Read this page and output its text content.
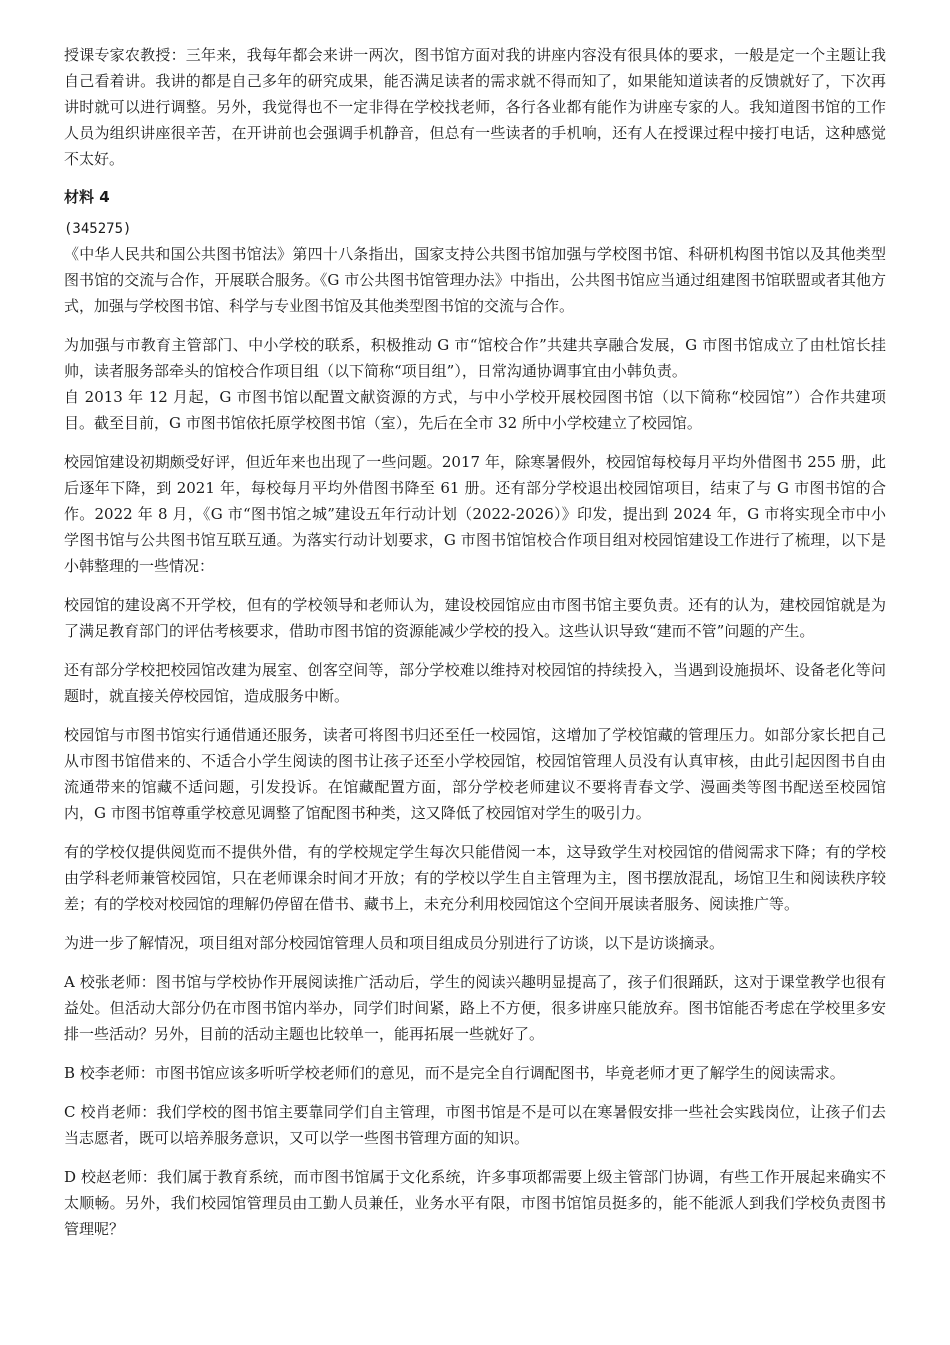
授课专家农教授：三年来，我每年都会来讲一两次，图书馆方面对我的讲座内容没有很具体的要求，一般是定一个主题让我自己看着讲。我讲的都是自己多年的研究成果，能否满足读者的需求就不得而知了，如果能知道读者的反馈就好了，下次再讲时就可以进行调整。另外，我觉得也不一定非得在学校找老师，各行各业都有能作为讲座专家的人。我知道图书馆的工作人员为组织讲座很辛苦，在开讲前也会强调手机静音，但总有一些读者的手机响，还有人在授课过程中接打电话，这种感觉不太好。

材料 4
(345275)

《中华人民共和国公共图书馆法》第四十八条指出，国家支持公共图书馆加强与学校图书馆、科研机构图书馆以及其他类型图书馆的交流与合作，开展联合服务。《G 市公共图书馆管理办法》中指出，公共图书馆应当通过组建图书馆联盟或者其他方式，加强与学校图书馆、科学与专业图书馆及其他类型图书馆的交流与合作。

为加强与市教育主管部门、中小学校的联系，积极推动 G 市“馆校合作”共建共享融合发展，G 市图书馆成立了由杜馆长挂帅，读者服务部牵头的馆校合作项目组（以下简称“项目组”），日常沟通协调事宜由小韩负责。

自 2013 年 12 月起，G 市图书馆以配置文献资源的方式，与中小学校开展校园图书馆（以下简称“校园馆”）合作共建项目。截至目前，G 市图书馆依托原学校图书馆（室），先后在全市 32 所中小学校建立了校园馆。

校园馆建设初期颇受好评，但近年来也出现了一些问题。2017 年，除寒暑假外，校园馆每校每月平均外借图书 255 册，此后逐年下降，到 2021 年，每校每月平均外借图书降至 61 册。还有部分学校退出校园馆项目，结束了与 G 市图书馆的合作。2022 年 8 月，《G 市“图书馆之城”建设五年行动计划（2022-2026）》印发，提出到 2024 年，G 市将实现全市中小学图书馆与公共图书馆互联互通。为落实行动计划要求，G 市图书馆馆校合作项目组对校园馆建设工作进行了梳理，以下是小韩整理的一些情况：

校园馆的建设离不开学校，但有的学校领导和老师认为，建设校园馆应由市图书馆主要负责。还有的认为，建校园馆就是为了满足教育部门的评估考核要求，借助市图书馆的资源能减少学校的投入。这些认识导致“建而不管”问题的产生。

还有部分学校把校园馆改建为展室、创客空间等，部分学校难以维持对校园馆的持续投入，当遇到设施损坏、设备老化等问题时，就直接关停校园馆，造成服务中断。

校园馆与市图书馆实行通借通还服务，读者可将图书归还至任一校园馆，这增加了学校馆藏的管理压力。如部分家长把自己从市图书馆借来的、不适合小学生阅读的图书让孩子还至小学校园馆，校园馆管理人员没有认真审核，由此引起因图书自由流通带来的馆藏不适问题，引发投诉。在馆藏配置方面，部分学校老师建议不要将青春文学、漫画类等图书配送至校园馆内，G 市图书馆尊重学校意见调整了馆配图书种类，这又降低了校园馆对学生的吸引力。

有的学校仅提供阅览而不提供外借，有的学校规定学生每次只能借阅一本，这导致学生对校园馆的借阅需求下降；有的学校由学科老师兼管校园馆，只在老师课余时间才开放；有的学校以学生自主管理为主，图书摆放混乱，场馆卫生和阅读秩序较差；有的学校对校园馆的理解仍停留在借书、藏书上，未充分利用校园馆这个空间开展读者服务、阅读推广等。

为进一步了解情况，项目组对部分校园馆管理人员和项目组成员分别进行了访谈，以下是访谈摘录。

A 校张老师：图书馆与学校协作开展阅读推广活动后，学生的阅读兴趣明显提高了，孩子们很踊跃，这对于课堂教学也很有益处。但活动大部分仍在市图书馆内举办，同学们时间紧，路上不方便，很多讲座只能放弃。图书馆能否考虑在学校里多安排一些活动？另外，目前的活动主题也比较单一，能再拓展一些就好了。

B 校李老师：市图书馆应该多听听学校老师们的意见，而不是完全自行调配图书，毕竟老师才更了解学生的阅读需求。

C 校肖老师：我们学校的图书馆主要靠同学们自主管理，市图书馆是不是可以在寒暑假安排一些社会实践岗位，让孩子们去当志愿者，既可以培养服务意识，又可以学一些图书管理方面的知识。

D 校赵老师：我们属于教育系统，而市图书馆属于文化系统，许多事项都需要上级主管部门协调，有些工作开展起来确实不太顺畅。另外，我们校园馆管理员由工勤人员兼任，业务水平有限，市图书馆馆员挺多的，能不能派人到我们学校负责图书管理呢？
